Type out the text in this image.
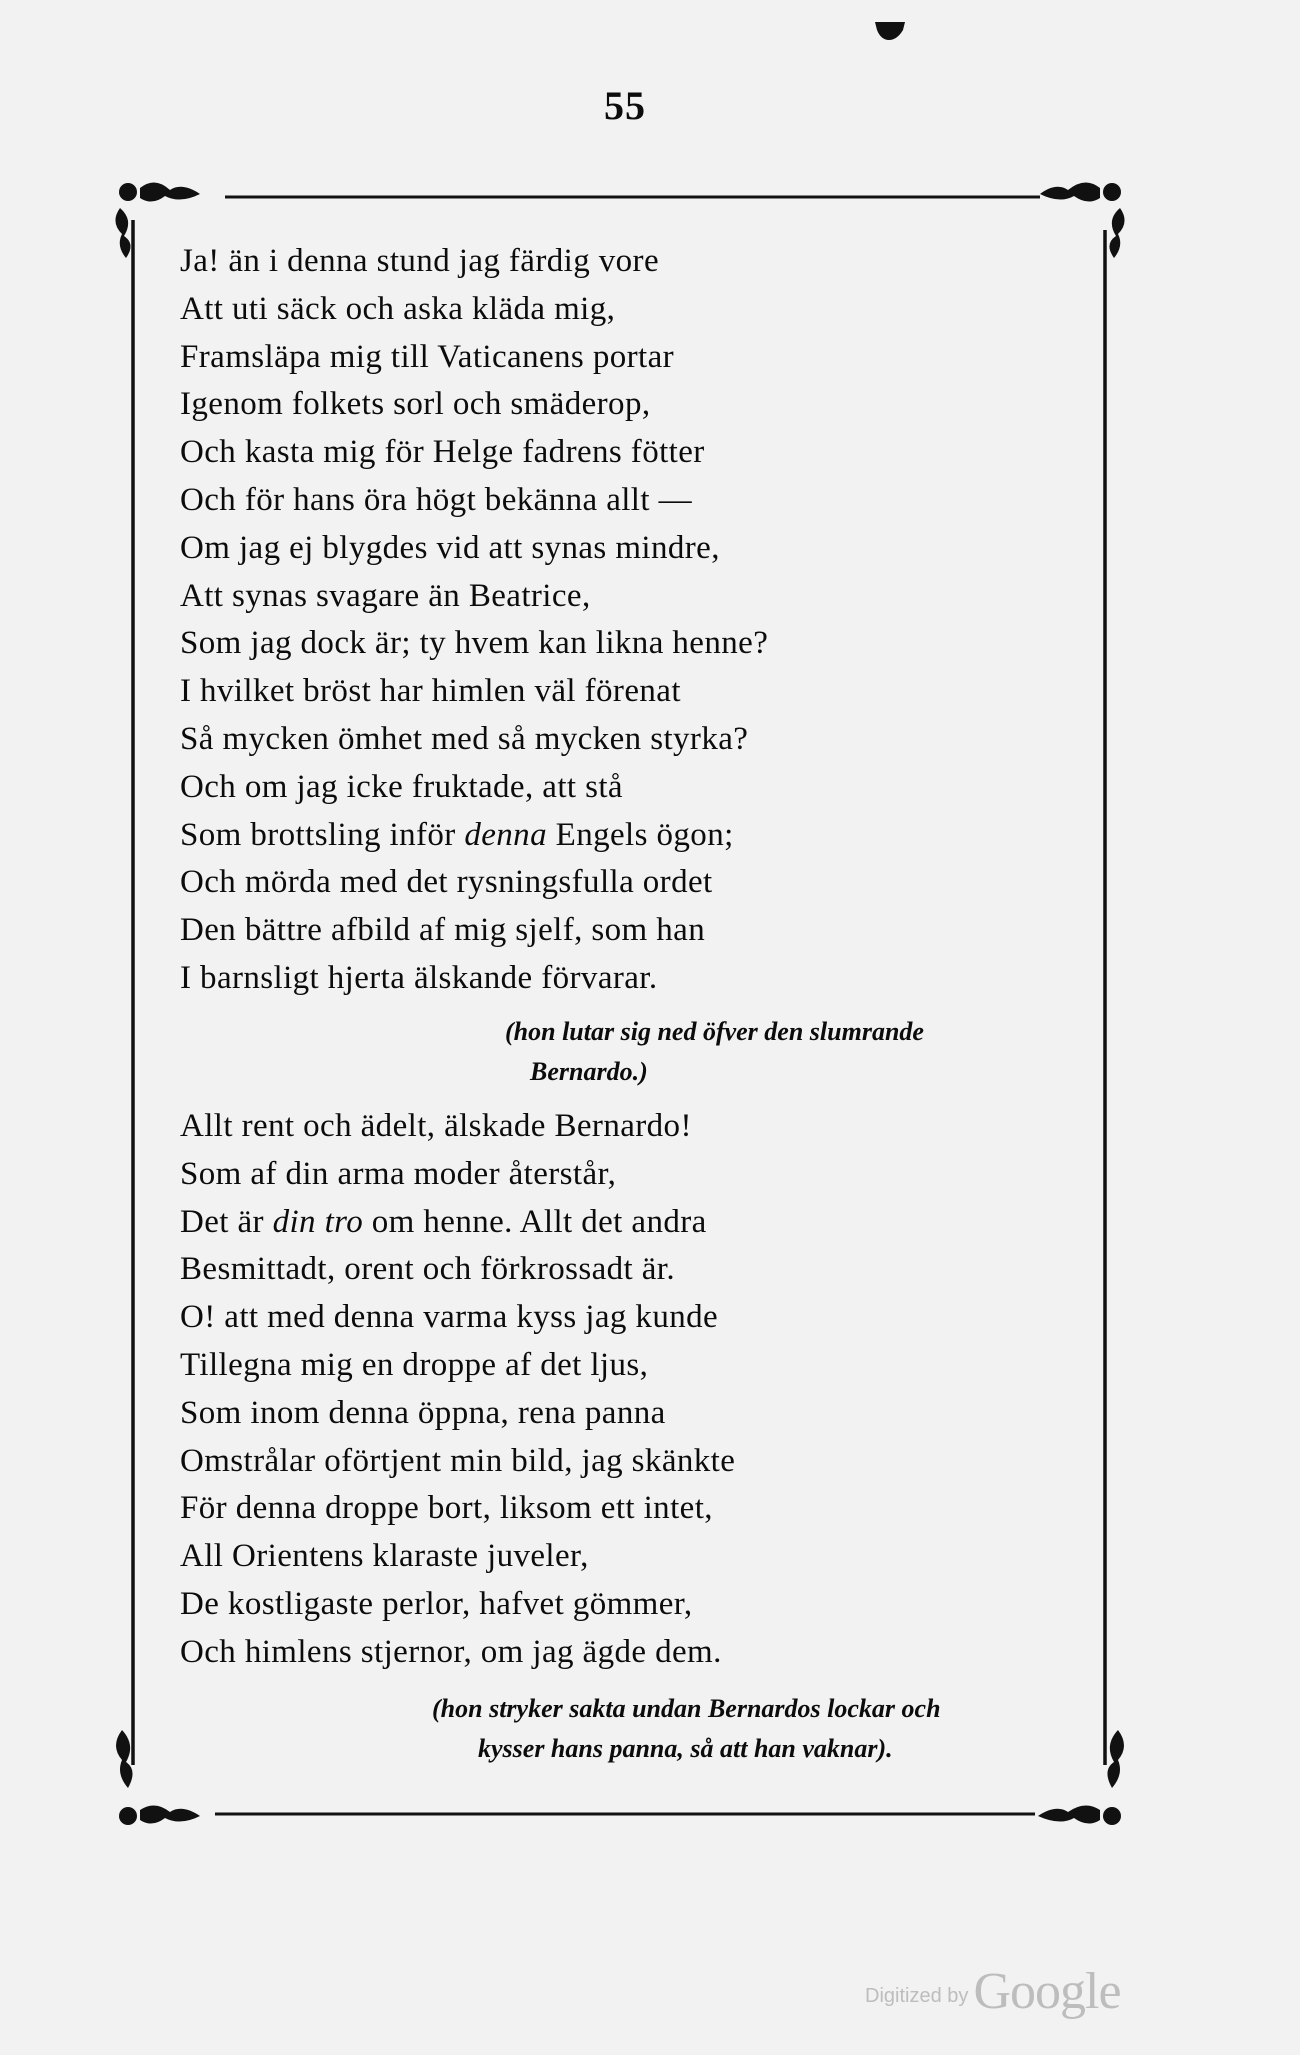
55
Ja! än i denna stund jag färdig vore
Att uti säck och aska kläda mig,
Framsläpa mig till Vaticanens portar
Igenom folkets sorl och smäderop,
Och kasta mig för Helge fadrens fötter
Och för hans öra högt bekänna allt —
Om jag ej blygdes vid att synas mindre,
Att synas svagare än Beatrice,
Som jag dock är; ty hvem kan likna henne?
I hvilket bröst har himlen väl förenat
Så mycken ömhet med så mycken styrka?
Och om jag icke fruktade, att stå
Som brottsling inför denna Engels ögon;
Och mörda med det rysningsfulla ordet
Den bättre afbild af mig sjelf, som han
I barnsligt hjerta älskande förvarar.
(hon lutar sig ned öfver den slumrande
Bernardo.)
Allt rent och ädelt, älskade Bernardo!
Som af din arma moder återstår,
Det är din tro om henne. Allt det andra
Besmittadt, orent och förkrossadt är.
O! att med denna varma kyss jag kunde
Tillegna mig en droppe af det ljus,
Som inom denna öppna, rena panna
Omstrålar oförtjent min bild, jag skänkte
För denna droppe bort, liksom ett intet,
All Orientens klaraste juveler,
De kostligaste perlor, hafvet gömmer,
Och himlens stjernor, om jag ägde dem.
(hon stryker sakta undan Bernardos lockar och
kysser hans panna, så att han vaknar).
Digitized by Google
